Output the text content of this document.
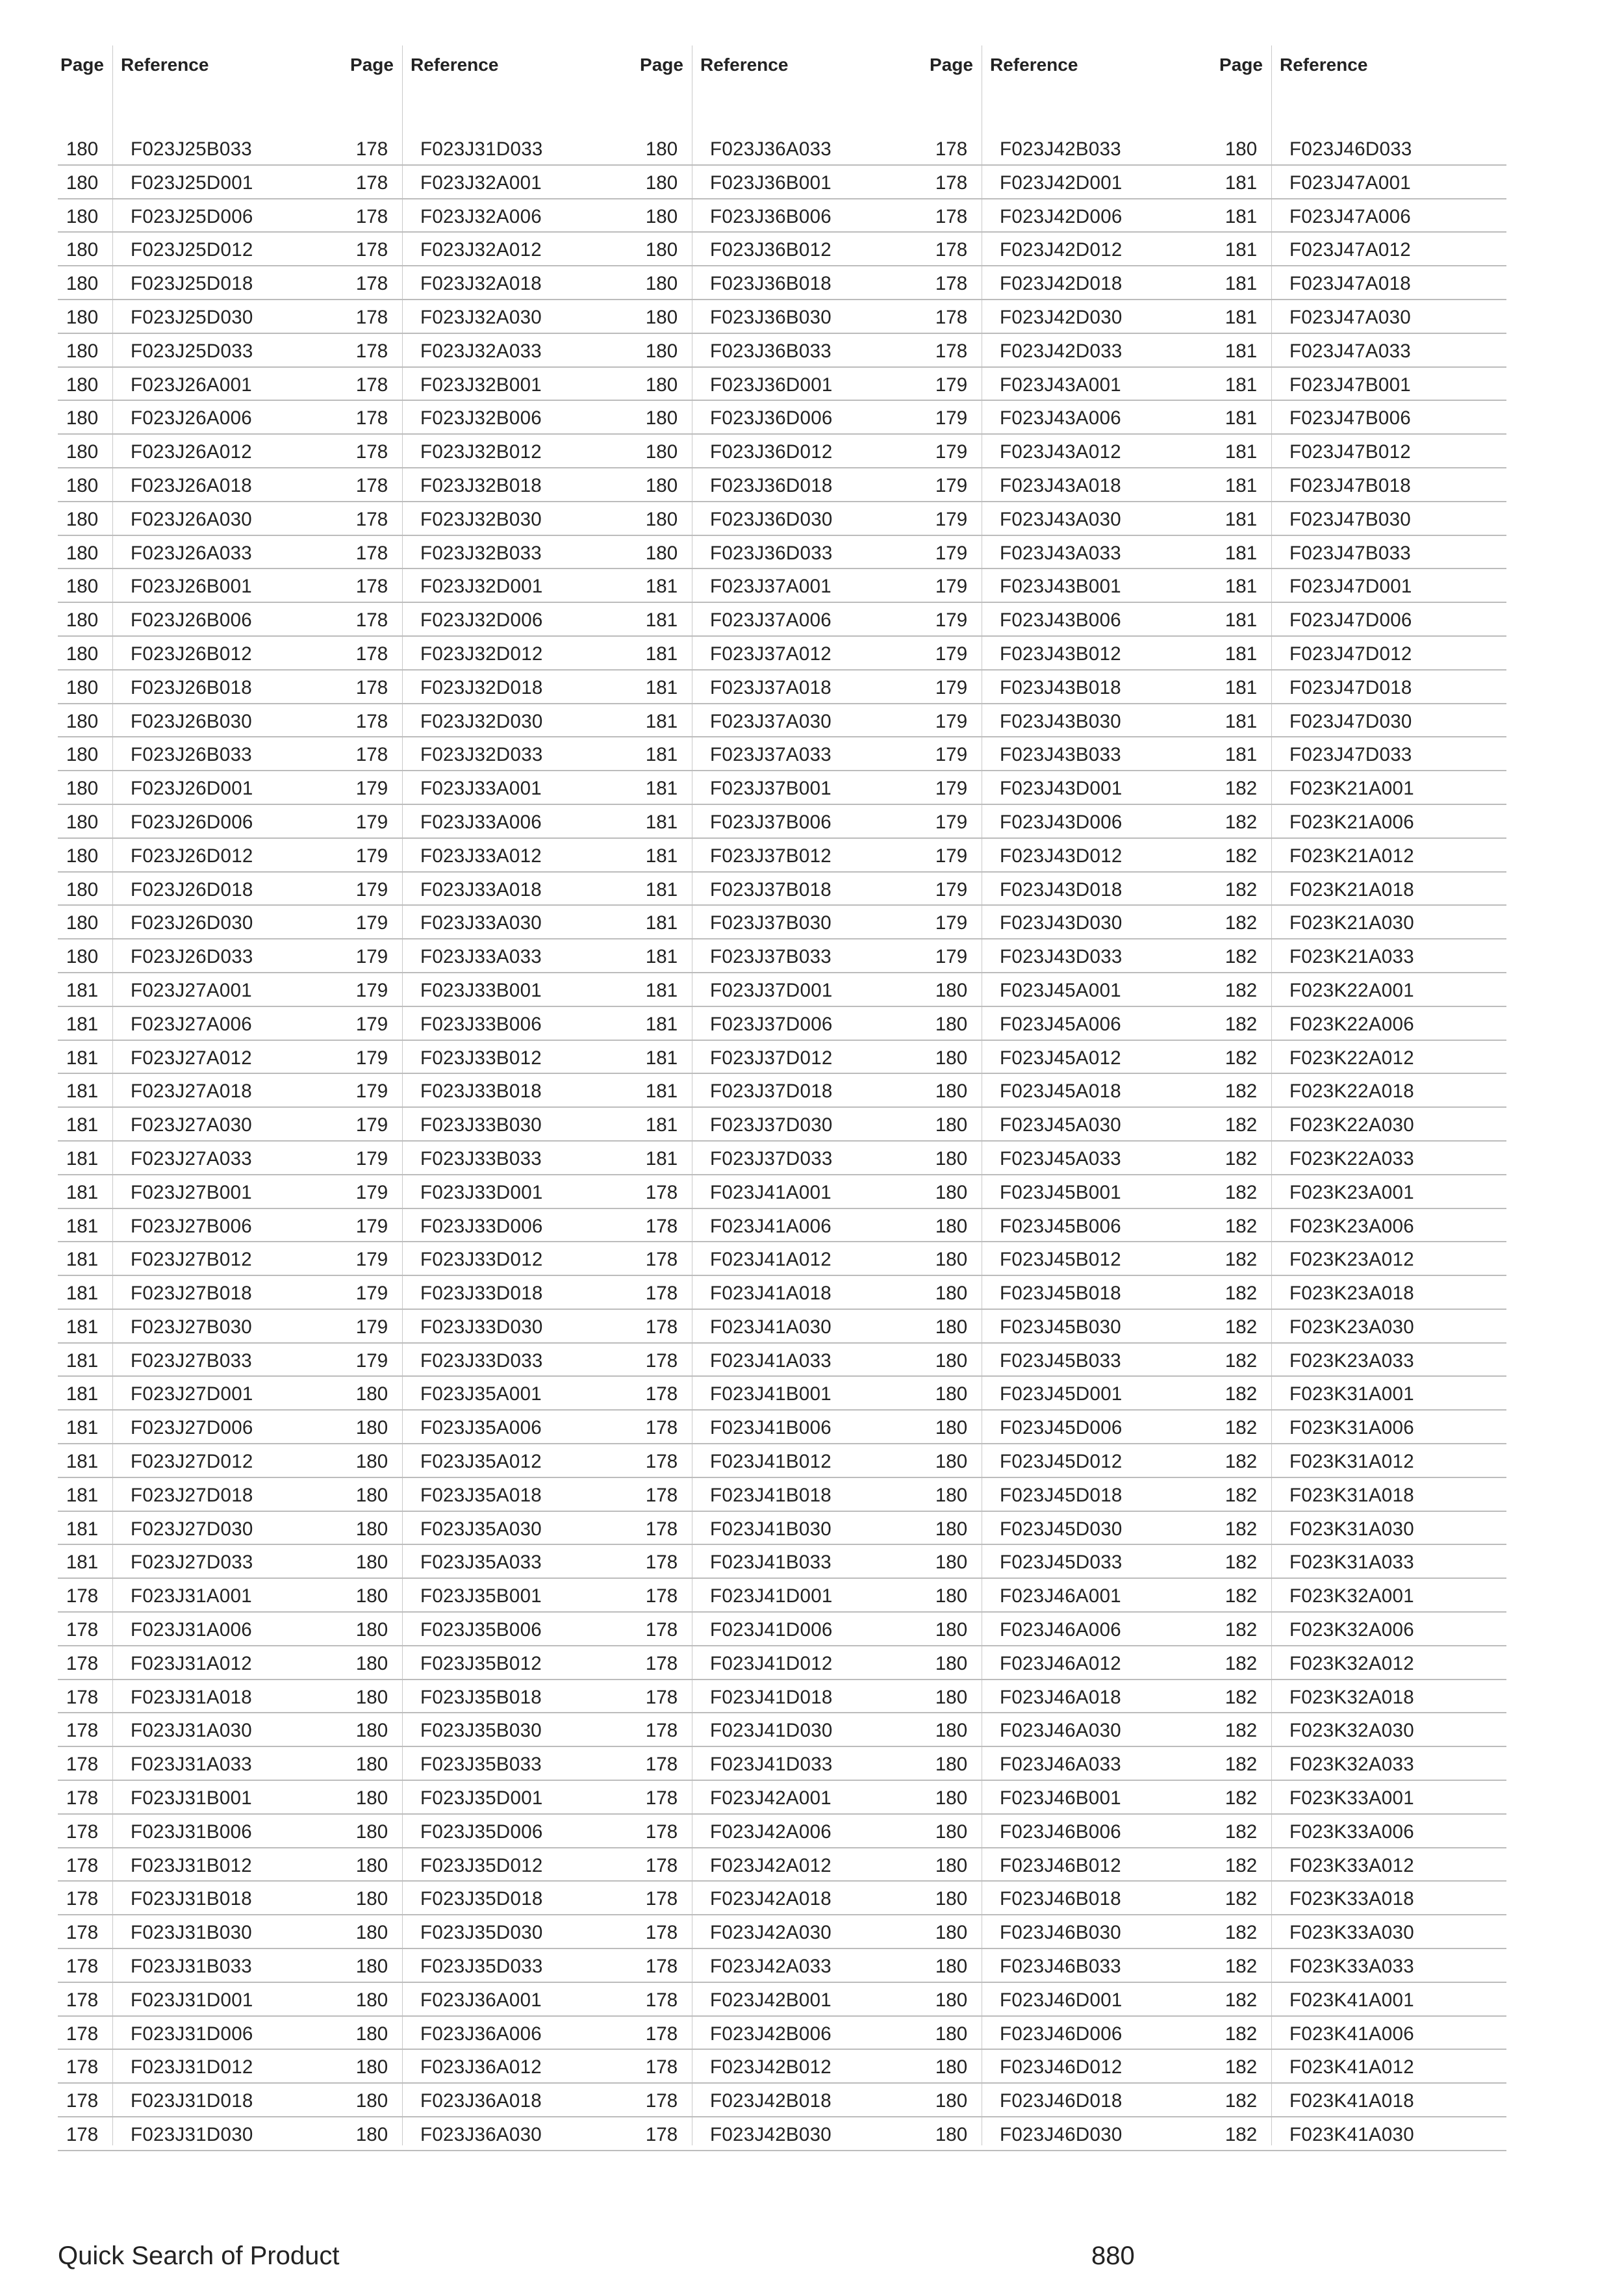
Page Reference
180	F023J25B033
180	F023J25D001
180	F023J25D006
180	F023J25D012
180	F023J25D018
180	F023J25D030
180	F023J25D033
180	F023J26A001
180	F023J26A006
180	F023J26A012
180	F023J26A018
180	F023J26A030
180	F023J26A033
180	F023J26B001
180	F023J26B006
180	F023J26B012
180	F023J26B018
180	F023J26B030
180	F023J26B033
180	F023J26D001
180	F023J26D006
180	F023J26D012
180	F023J26D018
180	F023J26D030
180	F023J26D033
181	F023J27A001
181	F023J27A006
181	F023J27A012
181	F023J27A018
181	F023J27A030
181	F023J27A033
181	F023J27B001
181	F023J27B006
181	F023J27B012
181	F023J27B018
181	F023J27B030
181	F023J27B033
181	F023J27D001
181	F023J27D006
181	F023J27D012
181	F023J27D018
181	F023J27D030
181	F023J27D033
178	F023J31A001
178	F023J31A006
178	F023J31A012
178	F023J31A018
178	F023J31A030
178	F023J31A033
178	F023J31B001
178	F023J31B006
178	F023J31B012
178	F023J31B018
178	F023J31B030
178	F023J31B033
178	F023J31D001
178	F023J31D006
178	F023J31D012
178	F023J31D018
178	F023J31D030
Page Reference
178	F023J31D033
178	F023J32A001
178	F023J32A006
178	F023J32A012
178	F023J32A018
178	F023J32A030
178	F023J32A033
178	F023J32B001
178	F023J32B006
178	F023J32B012
178	F023J32B018
178	F023J32B030
178	F023J32B033
178	F023J32D001
178	F023J32D006
178	F023J32D012
178	F023J32D018
178	F023J32D030
178	F023J32D033
179	F023J33A001
179	F023J33A006
179	F023J33A012
179	F023J33A018
179	F023J33A030
179	F023J33A033
179	F023J33B001
179	F023J33B006
179	F023J33B012
179	F023J33B018
179	F023J33B030
179	F023J33B033
179	F023J33D001
179	F023J33D006
179	F023J33D012
179	F023J33D018
179	F023J33D030
179	F023J33D033
180	F023J35A001
180	F023J35A006
180	F023J35A012
180	F023J35A018
180	F023J35A030
180	F023J35A033
180	F023J35B001
180	F023J35B006
180	F023J35B012
180	F023J35B018
180	F023J35B030
180	F023J35B033
180	F023J35D001
180	F023J35D006
180	F023J35D012
180	F023J35D018
180	F023J35D030
180	F023J35D033
180	F023J36A001
180	F023J36A006
180	F023J36A012
180	F023J36A018
180	F023J36A030
Page Reference
180	F023J36A033
180	F023J36B001
180	F023J36B006
180	F023J36B012
180	F023J36B018
180	F023J36B030
180	F023J36B033
180	F023J36D001
180	F023J36D006
180	F023J36D012
180	F023J36D018
180	F023J36D030
180	F023J36D033
181	F023J37A001
181	F023J37A006
181	F023J37A012
181	F023J37A018
181	F023J37A030
181	F023J37A033
181	F023J37B001
181	F023J37B006
181	F023J37B012
181	F023J37B018
181	F023J37B030
181	F023J37B033
181	F023J37D001
181	F023J37D006
181	F023J37D012
181	F023J37D018
181	F023J37D030
181	F023J37D033
178	F023J41A001
178	F023J41A006
178	F023J41A012
178	F023J41A018
178	F023J41A030
178	F023J41A033
178	F023J41B001
178	F023J41B006
178	F023J41B012
178	F023J41B018
178	F023J41B030
178	F023J41B033
178	F023J41D001
178	F023J41D006
178	F023J41D012
178	F023J41D018
178	F023J41D030
178	F023J41D033
178	F023J42A001
178	F023J42A006
178	F023J42A012
178	F023J42A018
178	F023J42A030
178	F023J42A033
178	F023J42B001
178	F023J42B006
178	F023J42B012
178	F023J42B018
178	F023J42B030
Page Reference
178	F023J42B033
178	F023J42D001
178	F023J42D006
178	F023J42D012
178	F023J42D018
178	F023J42D030
178	F023J42D033
179	F023J43A001
179	F023J43A006
179	F023J43A012
179	F023J43A018
179	F023J43A030
179	F023J43A033
179	F023J43B001
179	F023J43B006
179	F023J43B012
179	F023J43B018
179	F023J43B030
179	F023J43B033
179	F023J43D001
179	F023J43D006
179	F023J43D012
179	F023J43D018
179	F023J43D030
179	F023J43D033
180	F023J45A001
180	F023J45A006
180	F023J45A012
180	F023J45A018
180	F023J45A030
180	F023J45A033
180	F023J45B001
180	F023J45B006
180	F023J45B012
180	F023J45B018
180	F023J45B030
180	F023J45B033
180	F023J45D001
180	F023J45D006
180	F023J45D012
180	F023J45D018
180	F023J45D030
180	F023J45D033
180	F023J46A001
180	F023J46A006
180	F023J46A012
180	F023J46A018
180	F023J46A030
180	F023J46A033
180	F023J46B001
180	F023J46B006
180	F023J46B012
180	F023J46B018
180	F023J46B030
180	F023J46B033
180	F023J46D001
180	F023J46D006
180	F023J46D012
180	F023J46D018
180	F023J46D030
Page Reference
180	F023J46D033
181	F023J47A001
181	F023J47A006
181	F023J47A012
181	F023J47A018
181	F023J47A030
181	F023J47A033
181	F023J47B001
181	F023J47B006
181	F023J47B012
181	F023J47B018
181	F023J47B030
181	F023J47B033
181	F023J47D001
181	F023J47D006
181	F023J47D012
181	F023J47D018
181	F023J47D030
181	F023J47D033
182	F023K21A001
182	F023K21A006
182	F023K21A012
182	F023K21A018
182	F023K21A030
182	F023K21A033
182	F023K22A001
182	F023K22A006
182	F023K22A012
182	F023K22A018
182	F023K22A030
182	F023K22A033
182	F023K23A001
182	F023K23A006
182	F023K23A012
182	F023K23A018
182	F023K23A030
182	F023K23A033
182	F023K31A001
182	F023K31A006
182	F023K31A012
182	F023K31A018
182	F023K31A030
182	F023K31A033
182	F023K32A001
182	F023K32A006
182	F023K32A012
182	F023K32A018
182	F023K32A030
182	F023K32A033
182	F023K33A001
182	F023K33A006
182	F023K33A012
182	F023K33A018
182	F023K33A030
182	F023K33A033
182	F023K41A001
182	F023K41A006
182	F023K41A012
182	F023K41A018
182	F023K41A030
Quick Search of Product	880
